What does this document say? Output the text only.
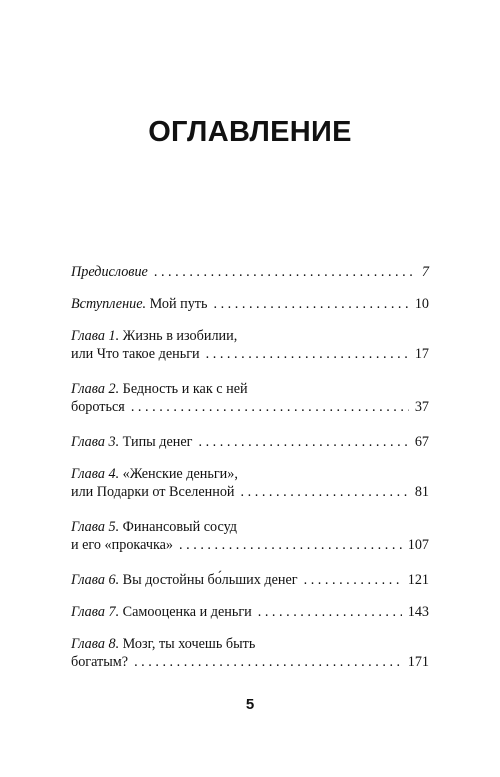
ОГЛАВЛЕНИЕ
Предисловие . . .	7
Вступление. Мой путь . . .	10
Глава 1. Жизнь в изобилии,
или Что такое деньги . . .	17
Глава 2. Бедность и как с ней
бороться . . .	37
Глава 3. Типы денег . . .	67
Глава 4. «Женские деньги»,
или Подарки от Вселенной . . .	81
Глава 5. Финансовый сосуд
и его «прокачка» . . .	107
Глава 6. Вы достойны бо́льших денег . . .	121
Глава 7. Самооценка и деньги . . .	143
Глава 8. Мозг, ты хочешь быть
богатым? . . .	171
5
